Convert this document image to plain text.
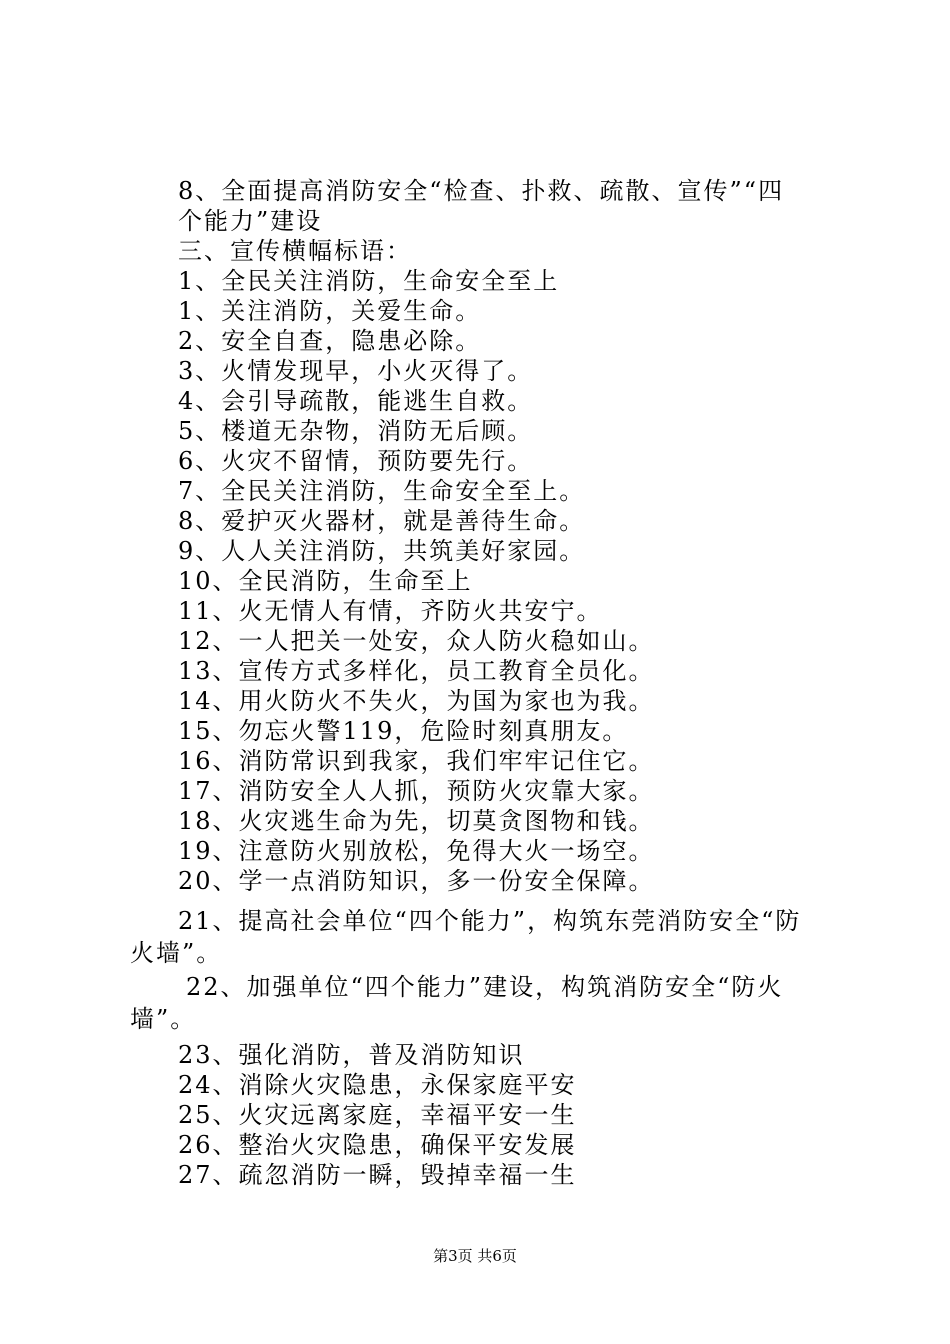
8、全面提高消防安全“检查、扑救、疏散、宣传”“四
个能力”建设
三、宣传横幅标语：
1、全民关注消防，生命安全至上
1、关注消防，关爱生命。
2、安全自查，隐患必除。
3、火情发现早，小火灭得了。
4、会引导疏散，能逃生自救。
5、楼道无杂物，消防无后顾。
6、火灾不留情，预防要先行。
7、全民关注消防，生命安全至上。
8、爱护灭火器材，就是善待生命。
9、人人关注消防，共筑美好家园。
10、全民消防，生命至上
11、火无情人有情，齐防火共安宁。
12、一人把关一处安，众人防火稳如山。
13、宣传方式多样化，员工教育全员化。
14、用火防火不失火，为国为家也为我。
15、勿忘火警119，危险时刻真朋友。
16、消防常识到我家，我们牢牢记住它。
17、消防安全人人抓，预防火灾靠大家。
18、火灾逃生命为先，切莫贪图物和钱。
19、注意防火别放松，免得大火一场空。
20、学一点消防知识，多一份安全保障。
21、提高社会单位“四个能力”，构筑东莞消防安全“防
火墙”。
22、加强单位“四个能力”建设，构筑消防安全“防火
墙”。
23、强化消防，普及消防知识
24、消除火灾隐患，永保家庭平安
25、火灾远离家庭，幸福平安一生
26、整治火灾隐患，确保平安发展
27、疏忽消防一瞬，毁掉幸福一生
第3页 共6页
